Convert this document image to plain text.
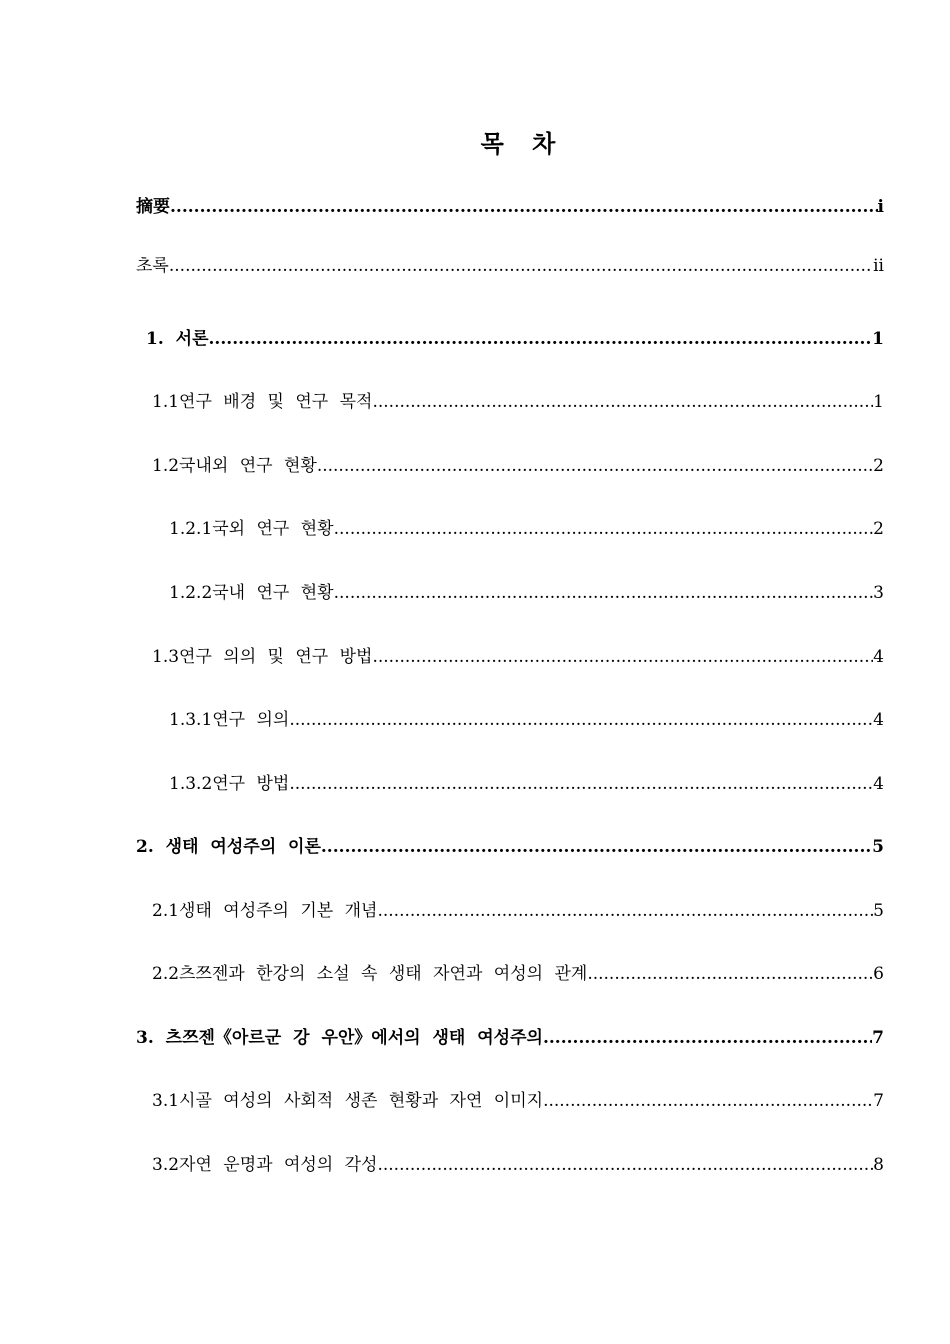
목 차
摘要 .....	i
초록 .....	ii
1. 서론 .....	1
1.1연구 배경 및 연구 목적 .....	1
1.2국내외 연구 현황 .....	2
1.2.1국외 연구 현황 .....	2
1.2.2국내 연구 현황 .....	3
1.3연구 의의 및 연구 방법 .....	4
1.3.1연구 의의 .....	4
1.3.2연구 방법 .....	4
2. 생태 여성주의 이론 .....	5
2.1생태 여성주의 기본 개념 .....	5
2.2츠쯔젠과 한강의 소설 속 생태 자연과 여성의 관계 .....	6
3. 츠쯔젠《아르군 강 우안》에서의 생태 여성주의 .....	7
3.1시골 여성의 사회적 생존 현황과 자연 이미지 .....	7
3.2자연 운명과 여성의 각성 .....	8
